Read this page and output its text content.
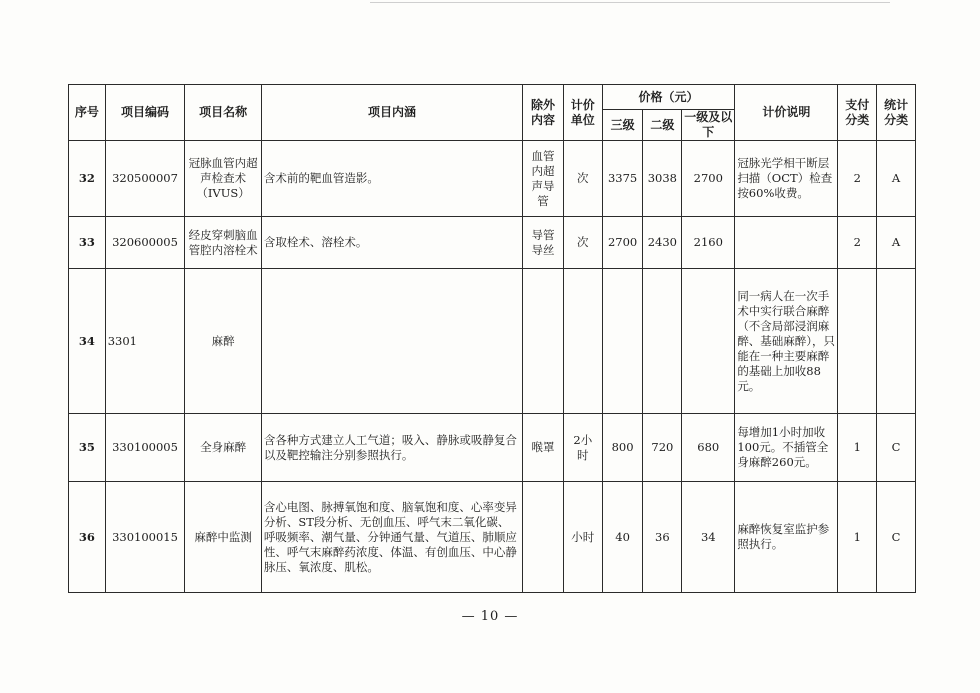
序号	项目编码	项目名称	项目内涵	除外内容	计价单位	价格（元）			计价说明	支付分类	统计分类
						三级	二级	一级及以下			
32	320500007	冠脉血管内超声检查术（IVUS）	含术前的靶血管造影。	血管内超声导管	次	3375	3038	2700	冠脉光学相干断层扫描（OCT）检查按60%收费。	2	A
33	320600005	经皮穿刺脑血管腔内溶栓术	含取栓术、溶栓术。	导管导丝	次	2700	2430	2160		2	A
34	3301	麻醉							同一病人在一次手术中实行联合麻醉（不含局部浸润麻醉、基础麻醉），只能在一种主要麻醉的基础上加收88元。		
35	330100005	全身麻醉	含各种方式建立人工气道；吸入、静脉或吸静复合以及靶控输注分别参照执行。	喉罩	2小时	800	720	680	每增加1小时加收100元。不插管全身麻醉260元。	1	C
36	330100015	麻醉中监测	含心电图、脉搏氧饱和度、脑氧饱和度、心率变异分析、ST段分析、无创血压、呼气末二氧化碳、呼吸频率、潮气量、分钟通气量、气道压、肺顺应性、呼气末麻醉药浓度、体温、有创血压、中心静脉压、氧浓度、肌松。		小时	40	36	34	麻醉恢复室监护参照执行。	1	C
— 10 —
